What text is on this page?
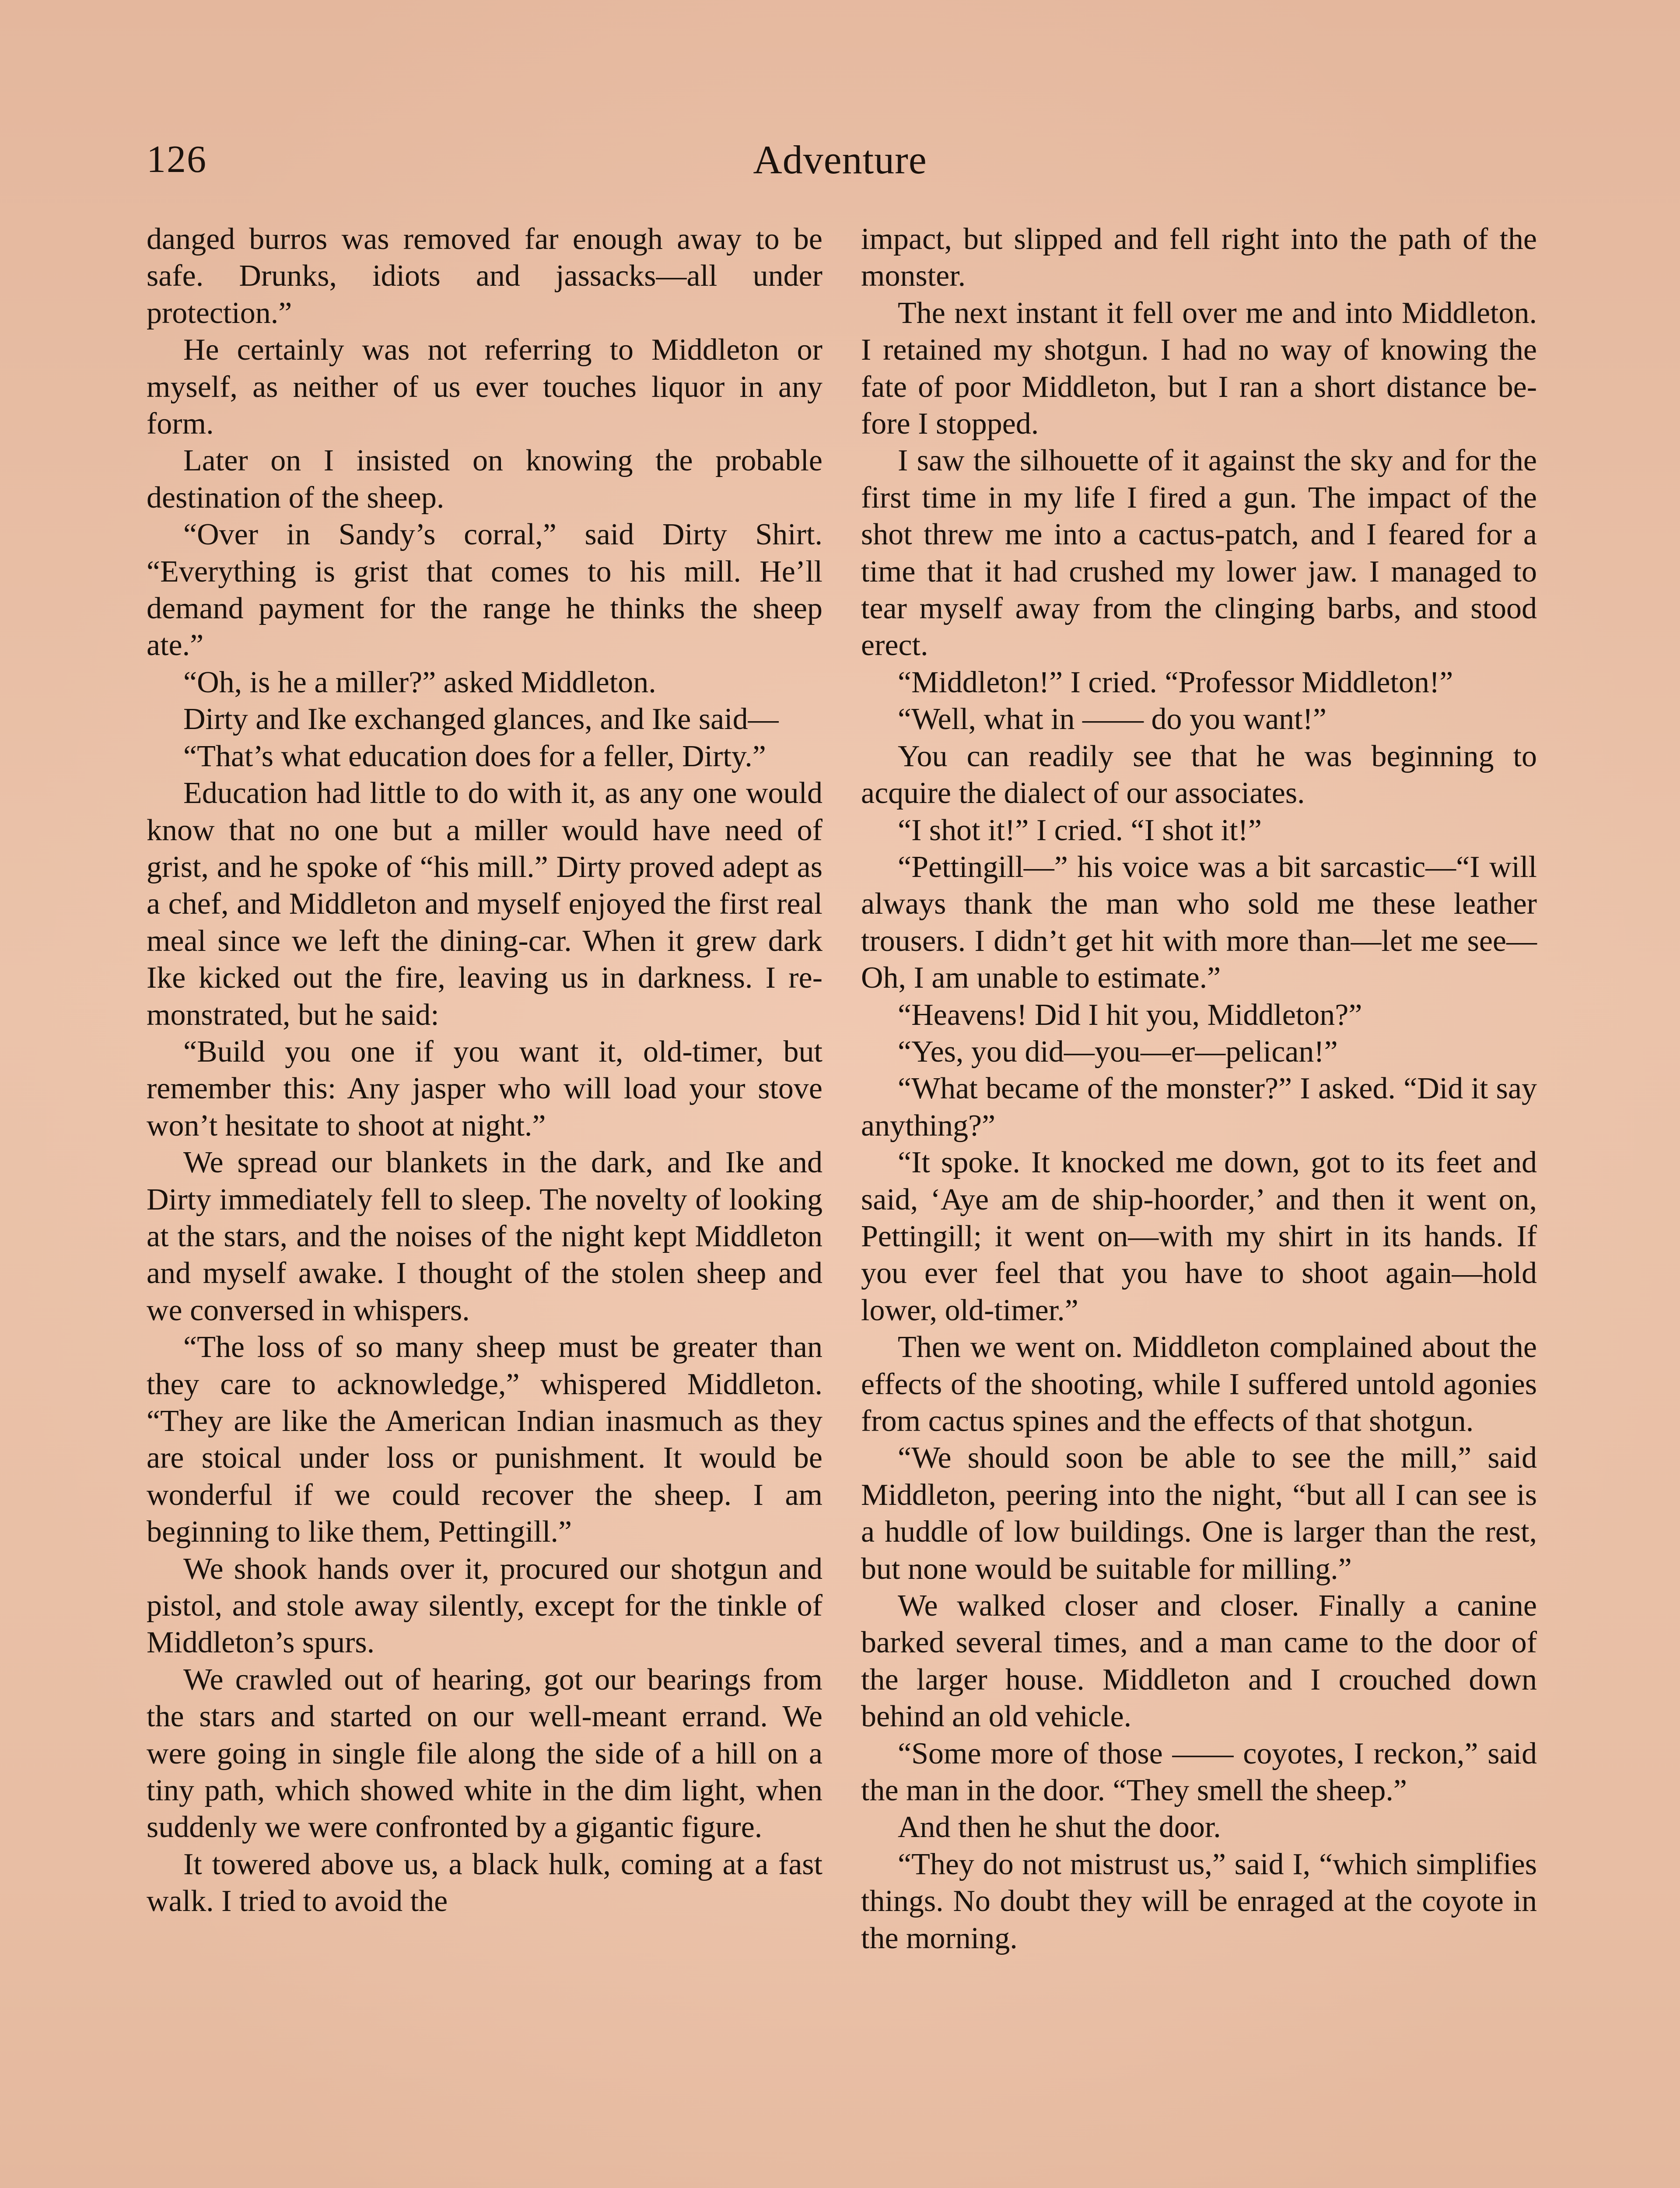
126	Adventure

danged burros was removed far enough away to be safe. Drunks, idiots and jassacks—all under protection.”

He certainly was not referring to Middleton or myself, as neither of us ever touches liquor in any form.

Later on I insisted on knowing the probable destination of the sheep.

“Over in Sandy’s corral,” said Dirty Shirt. “Everything is grist that comes to his mill. He’ll demand payment for the range he thinks the sheep ate.”

“Oh, is he a miller?” asked Middleton.

Dirty and Ike exchanged glances, and Ike said—

“That’s what education does for a feller, Dirty.”

Education had little to do with it, as any one would know that no one but a miller would have need of grist, and he spoke of “his mill.” Dirty proved adept as a chef, and Middleton and myself enjoyed the first real meal since we left the dining-car. When it grew dark Ike kicked out the fire, leaving us in darkness. I remonstrated, but he said:

“Build you one if you want it, old-timer, but remember this: Any jasper who will load your stove won’t hesitate to shoot at night.”

We spread our blankets in the dark, and Ike and Dirty immediately fell to sleep. The novelty of looking at the stars, and the noises of the night kept Middleton and myself awake. I thought of the stolen sheep and we conversed in whispers.

“The loss of so many sheep must be greater than they care to acknowledge,” whispered Middleton. “They are like the American Indian inasmuch as they are stoical under loss or punishment. It would be wonderful if we could recover the sheep. I am beginning to like them, Pettingill.”

We shook hands over it, procured our shotgun and pistol, and stole away silently, except for the tinkle of Middleton’s spurs.

We crawled out of hearing, got our bearings from the stars and started on our well-meant errand. We were going in single file along the side of a hill on a tiny path, which showed white in the dim light, when suddenly we were confronted by a gigantic figure.

It towered above us, a black hulk, coming at a fast walk. I tried to avoid the

impact, but slipped and fell right into the path of the monster.

The next instant it fell over me and into Middleton. I retained my shotgun. I had no way of knowing the fate of poor Middleton, but I ran a short distance before I stopped.

I saw the silhouette of it against the sky and for the first time in my life I fired a gun. The impact of the shot threw me into a cactus-patch, and I feared for a time that it had crushed my lower jaw. I managed to tear myself away from the clinging barbs, and stood erect.

“Middleton!” I cried. “Professor Middleton!”

“Well, what in —— do you want!”

You can readily see that he was beginning to acquire the dialect of our associates.

“I shot it!” I cried. “I shot it!”

“Pettingill—” his voice was a bit sarcastic—“I will always thank the man who sold me these leather trousers. I didn’t get hit with more than—let me see— Oh, I am unable to estimate.”

“Heavens! Did I hit you, Middleton?”

“Yes, you did—you—er—pelican!”

“What became of the monster?” I asked. “Did it say anything?”

“It spoke. It knocked me down, got to its feet and said, ‘Aye am de ship-hoorder,’ and then it went on, Pettingill; it went on—with my shirt in its hands. If you ever feel that you have to shoot again—hold lower, old-timer.”

Then we went on. Middleton complained about the effects of the shooting, while I suffered untold agonies from cactus spines and the effects of that shotgun.

“We should soon be able to see the mill,” said Middleton, peering into the night, “but all I can see is a huddle of low buildings. One is larger than the rest, but none would be suitable for milling.”

We walked closer and closer. Finally a canine barked several times, and a man came to the door of the larger house. Middleton and I crouched down behind an old vehicle.

“Some more of those —— coyotes, I reckon,” said the man in the door. “They smell the sheep.”

And then he shut the door.

“They do not mistrust us,” said I, “which simplifies things. No doubt they will be enraged at the coyote in the morning.
